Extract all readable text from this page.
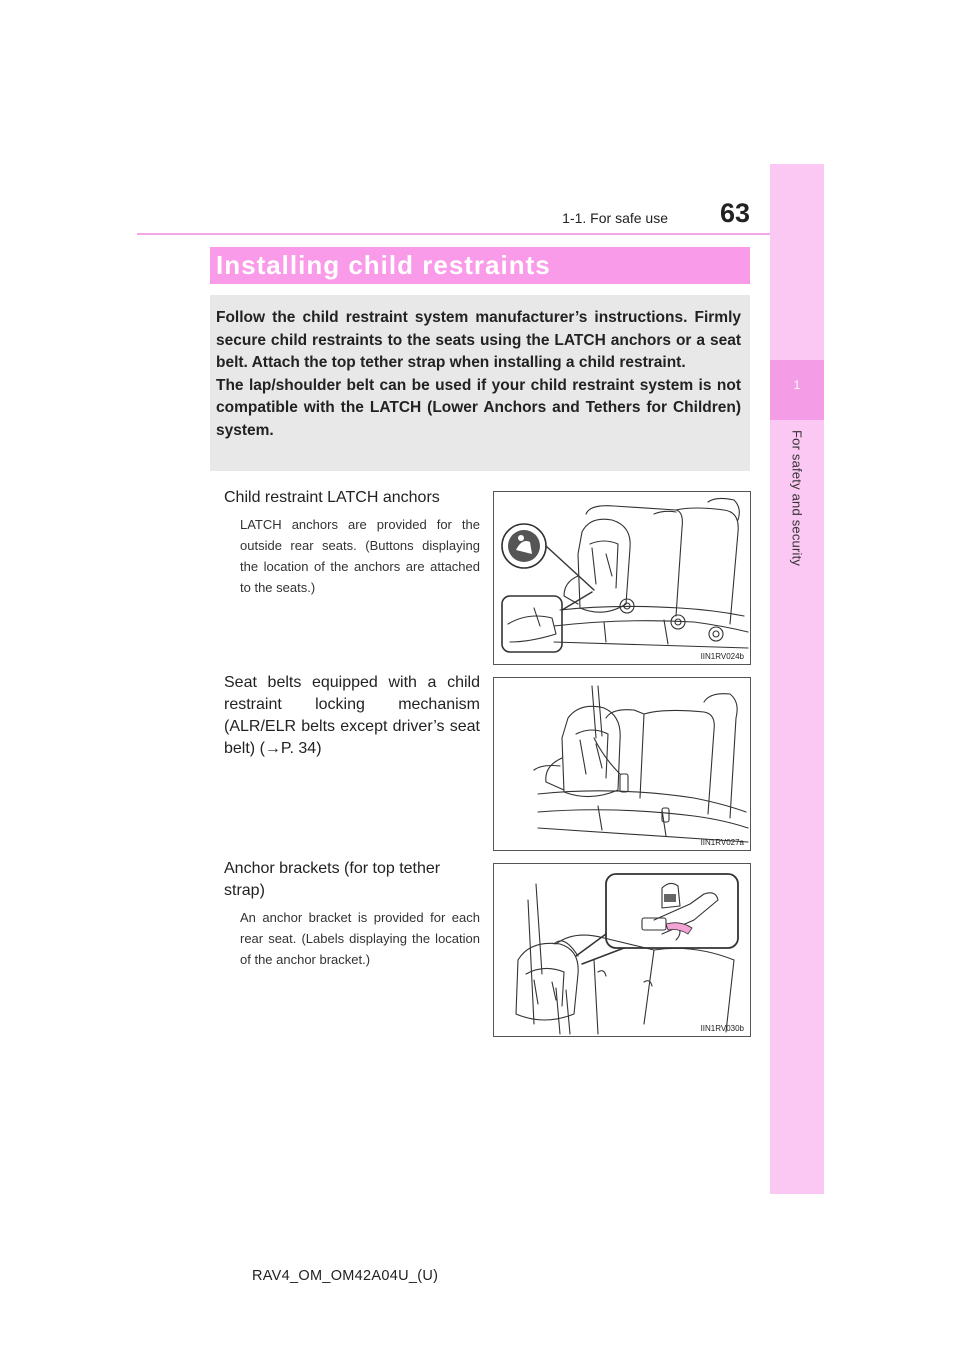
1-1. For safe use	63
1
For safety and security
Installing child restraints

Follow the child restraint system manufacturer’s instructions. Firmly secure child restraints to the seats using the LATCH anchors or a seat belt. Attach the top tether strap when installing a child restraint.

The lap/shoulder belt can be used if your child restraint system is not compatible with the LATCH (Lower Anchors and Tethers for Children) system.

Child restraint LATCH anchors
LATCH anchors are provided for the outside rear seats. (Buttons displaying the location of the anchors are attached to the seats.)
IIN1RV024b
Seat belts equipped with a child restraint locking mechanism (ALR/ELR belts except driver’s seat belt) (→P. 34)
IIN1RV027a
Anchor brackets (for top tether strap)
An anchor bracket is provided for each rear seat. (Labels displaying the location of the anchor bracket.)
IIN1RV030b
RAV4_OM_OM42A04U_(U)
